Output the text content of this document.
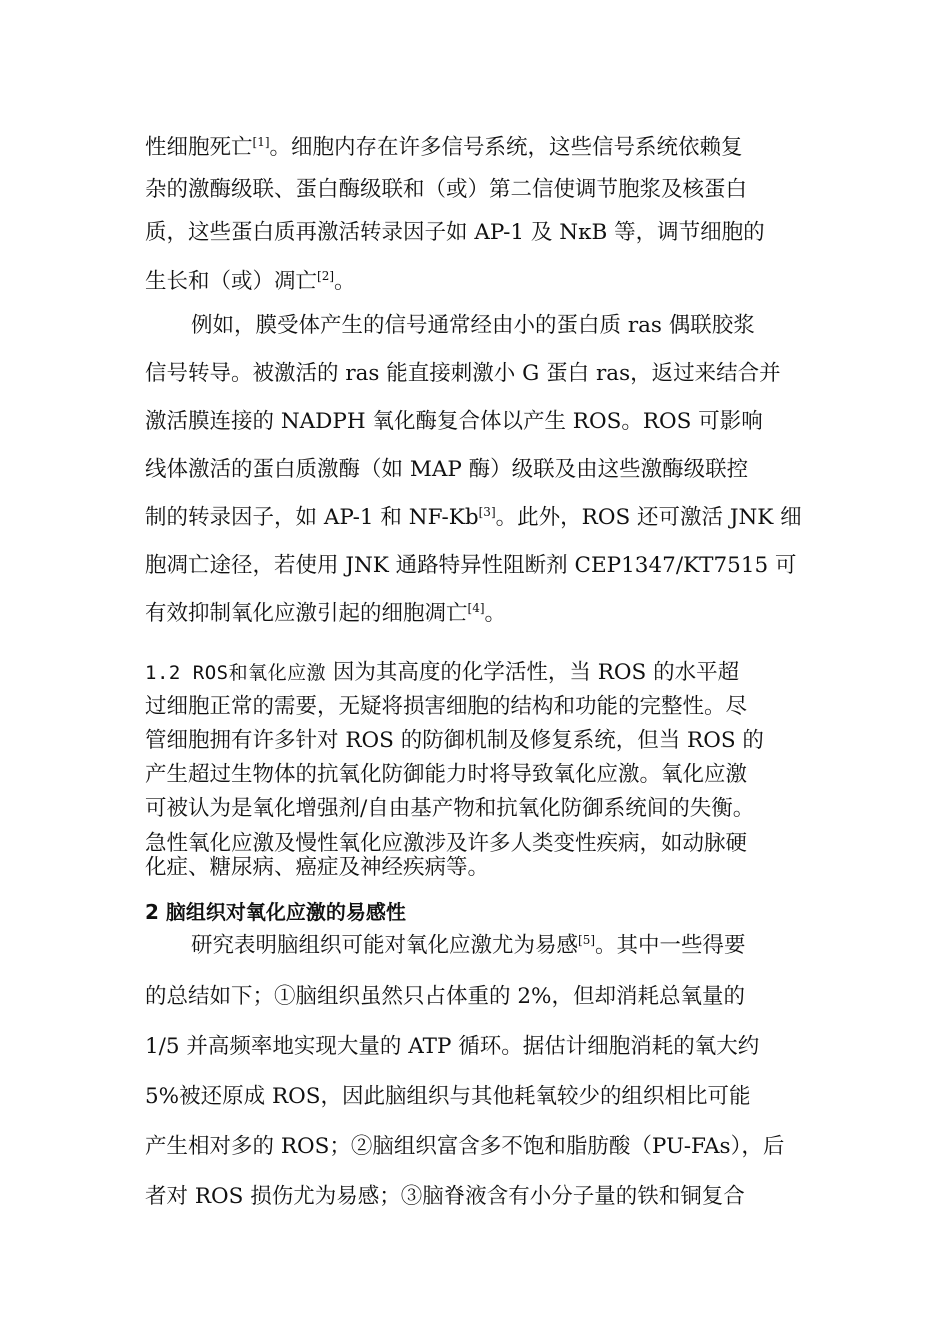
性细胞死亡[1]。细胞内存在许多信号系统，这些信号系统依赖复
杂的激酶级联、蛋白酶级联和（或）第二信使调节胞浆及核蛋白
质，这些蛋白质再激活转录因子如 AP-1 及 NκB 等，调节细胞的
生长和（或）凋亡[2]。
例如，膜受体产生的信号通常经由小的蛋白质 ras 偶联胶浆
信号转导。被激活的 ras 能直接刺激小 G 蛋白 ras，返过来结合并
激活膜连接的 NADPH 氧化酶复合体以产生 ROS。ROS 可影响
线体激活的蛋白质激酶（如 MAP 酶）级联及由这些激酶级联控
制的转录因子，如 AP-1 和 NF-Kb[3]。此外，ROS 还可激活 JNK 细
胞凋亡途径，若使用 JNK 通路特异性阻断剂 CEP1347/KT7515 可
有效抑制氧化应激引起的细胞凋亡[4]。
1.2 ROS和氧化应激 因为其高度的化学活性，当 ROS 的水平超
过细胞正常的需要，无疑将损害细胞的结构和功能的完整性。尽
管细胞拥有许多针对 ROS 的防御机制及修复系统，但当 ROS 的
产生超过生物体的抗氧化防御能力时将导致氧化应激。氧化应激
可被认为是氧化增强剂/自由基产物和抗氧化防御系统间的失衡。
急性氧化应激及慢性氧化应激涉及许多人类变性疾病，如动脉硬
化症、糖尿病、癌症及神经疾病等。
2 脑组织对氧化应激的易感性
研究表明脑组织可能对氧化应激尤为易感[5]。其中一些得要
的总结如下；①脑组织虽然只占体重的 2%，但却消耗总氧量的
1/5 并高频率地实现大量的 ATP 循环。据估计细胞消耗的氧大约
5%被还原成 ROS，因此脑组织与其他耗氧较少的组织相比可能
产生相对多的 ROS；②脑组织富含多不饱和脂肪酸（PU-FAs），后
者对 ROS 损伤尤为易感；③脑脊液含有小分子量的铁和铜复合
